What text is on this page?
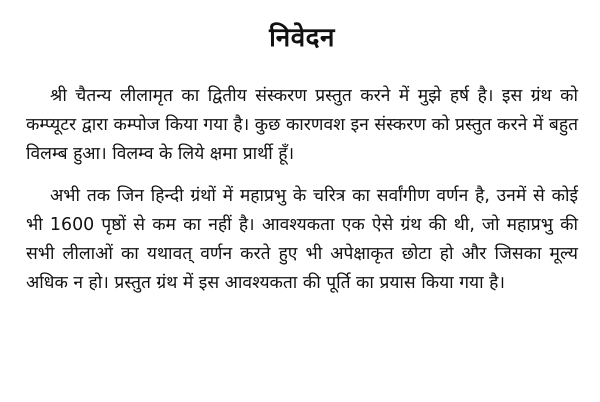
निवेदन

श्री चैतन्य लीलामृत का द्वितीय संस्करण प्रस्तुत करने में मुझे हर्ष है। इस ग्रंथ को कम्प्यूटर द्वारा कम्पोज किया गया है। कुछ कारणवश इन संस्करण को प्रस्तुत करने में बहुत विलम्ब हुआ। विलम्व के लिये क्षमा प्रार्थी हूँ।

अभी तक जिन हिन्दी ग्रंथों में महाप्रभु के चरित्र का सर्वांगीण वर्णन है, उनमें से कोई भी 1600 पृष्ठों से कम का नहीं है। आवश्यकता एक ऐसे ग्रंथ की थी, जो महाप्रभु की सभी लीलाओं का यथावत् वर्णन करते हुए भी अपेक्षाकृत छोटा हो और जिसका मूल्य अधिक न हो। प्रस्तुत ग्रंथ में इस आवश्यकता की पूर्ति का प्रयास किया गया है।
